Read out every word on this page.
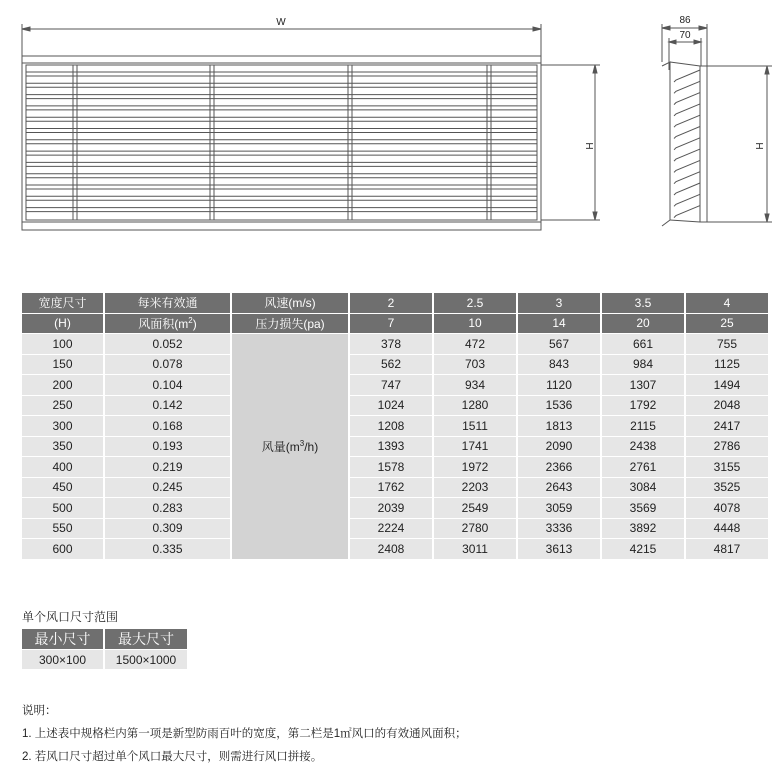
W
H
86
70
H
宽度尺寸	每米有效通	风速(m/s)	2	2.5	3	3.5	4
(H)	风面积$(m^2)$	压力损失(pa)	7	10	14	20	25
100	0.052	风量$(m^3/h)$	378	472	567	661	755
150	0.078		562	703	843	984	1125
200	0.104		747	934	1120	1307	1494
250	0.142		1024	1280	1536	1792	2048
300	0.168		1208	1511	1813	2115	2417
350	0.193		1393	1741	2090	2438	2786
400	0.219		1578	1972	2366	2761	3155
450	0.245		1762	2203	2643	3084	3525
500	0.283		2039	2549	3059	3569	4078
550	0.309		2224	2780	3336	3892	4448
600	0.335		2408	3011	3613	4215	4817
单个风口尺寸范围
最小尺寸	最大尺寸
300×100	1500×1000
说明：
1. 上述表中规格栏内第一项是新型防雨百叶的宽度，第二栏是1㎡风口的有效通风面积；
2. 若风口尺寸超过单个风口最大尺寸，则需进行风口拼接。
